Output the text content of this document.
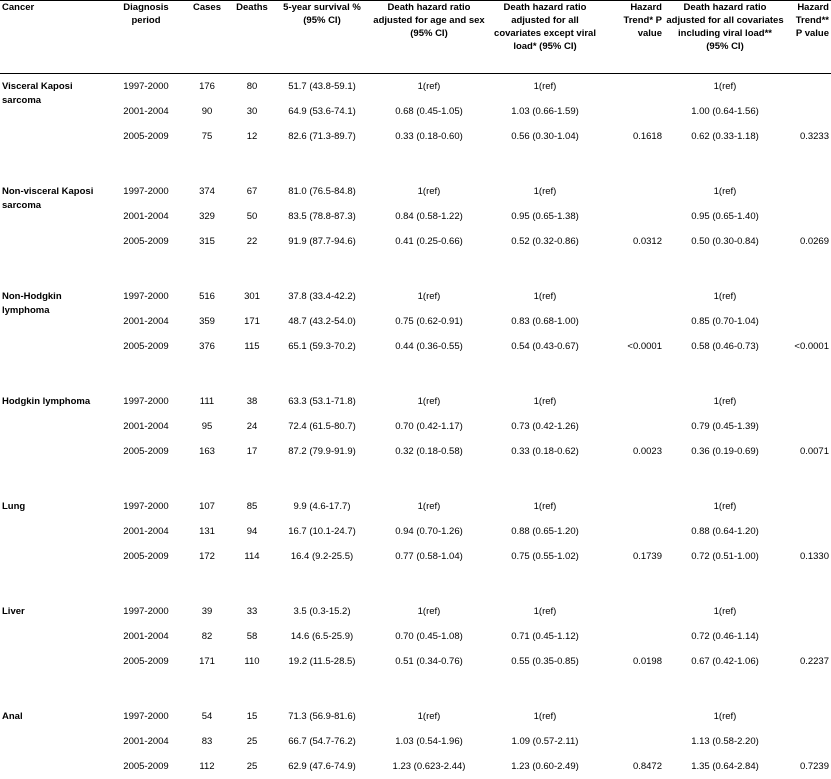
Cancer	Diagnosis period	Cases	Deaths	5-year survival % (95% CI)	Death hazard ratio adjusted for age and sex (95% CI)	Death hazard ratio adjusted for all covariates except viral load* (95% CI)	Hazard Trend* P value	Death hazard ratio adjusted for all covariates including viral load** (95% CI)	Hazard Trend** P value
Visceral Kaposi sarcoma	1997-2000	176	80	51.7 (43.8-59.1)	1(ref)	1(ref)		1(ref)	
	2001-2004	90	30	64.9 (53.6-74.1)	0.68 (0.45-1.05)	1.03 (0.66-1.59)		1.00 (0.64-1.56)	
	2005-2009	75	12	82.6 (71.3-89.7)	0.33 (0.18-0.60)	0.56 (0.30-1.04)	0.1618	0.62 (0.33-1.18)	0.3233

Non-visceral Kaposi sarcoma	1997-2000	374	67	81.0 (76.5-84.8)	1(ref)	1(ref)		1(ref)	
	2001-2004	329	50	83.5 (78.8-87.3)	0.84 (0.58-1.22)	0.95 (0.65-1.38)		0.95 (0.65-1.40)	
	2005-2009	315	22	91.9 (87.7-94.6)	0.41 (0.25-0.66)	0.52 (0.32-0.86)	0.0312	0.50 (0.30-0.84)	0.0269

Non-Hodgkin lymphoma	1997-2000	516	301	37.8 (33.4-42.2)	1(ref)	1(ref)		1(ref)	
	2001-2004	359	171	48.7 (43.2-54.0)	0.75 (0.62-0.91)	0.83 (0.68-1.00)		0.85 (0.70-1.04)	
	2005-2009	376	115	65.1 (59.3-70.2)	0.44 (0.36-0.55)	0.54 (0.43-0.67)	<0.0001	0.58 (0.46-0.73)	<0.0001

Hodgkin lymphoma	1997-2000	111	38	63.3 (53.1-71.8)	1(ref)	1(ref)		1(ref)	
	2001-2004	95	24	72.4 (61.5-80.7)	0.70 (0.42-1.17)	0.73 (0.42-1.26)		0.79 (0.45-1.39)	
	2005-2009	163	17	87.2 (79.9-91.9)	0.32 (0.18-0.58)	0.33 (0.18-0.62)	0.0023	0.36 (0.19-0.69)	0.0071

Lung	1997-2000	107	85	9.9 (4.6-17.7)	1(ref)	1(ref)		1(ref)	
	2001-2004	131	94	16.7 (10.1-24.7)	0.94 (0.70-1.26)	0.88 (0.65-1.20)		0.88 (0.64-1.20)	
	2005-2009	172	114	16.4 (9.2-25.5)	0.77 (0.58-1.04)	0.75 (0.55-1.02)	0.1739	0.72 (0.51-1.00)	0.1330

Liver	1997-2000	39	33	3.5 (0.3-15.2)	1(ref)	1(ref)		1(ref)	
	2001-2004	82	58	14.6 (6.5-25.9)	0.70 (0.45-1.08)	0.71 (0.45-1.12)		0.72 (0.46-1.14)	
	2005-2009	171	110	19.2 (11.5-28.5)	0.51 (0.34-0.76)	0.55 (0.35-0.85)	0.0198	0.67 (0.42-1.06)	0.2237

Anal	1997-2000	54	15	71.3 (56.9-81.6)	1(ref)	1(ref)		1(ref)	
	2001-2004	83	25	66.7 (54.7-76.2)	1.03 (0.54-1.96)	1.09 (0.57-2.11)		1.13 (0.58-2.20)	
	2005-2009	112	25	62.9 (47.6-74.9)	1.23 (0.623-2.44)	1.23 (0.60-2.49)	0.8472	1.35 (0.64-2.84)	0.7239
